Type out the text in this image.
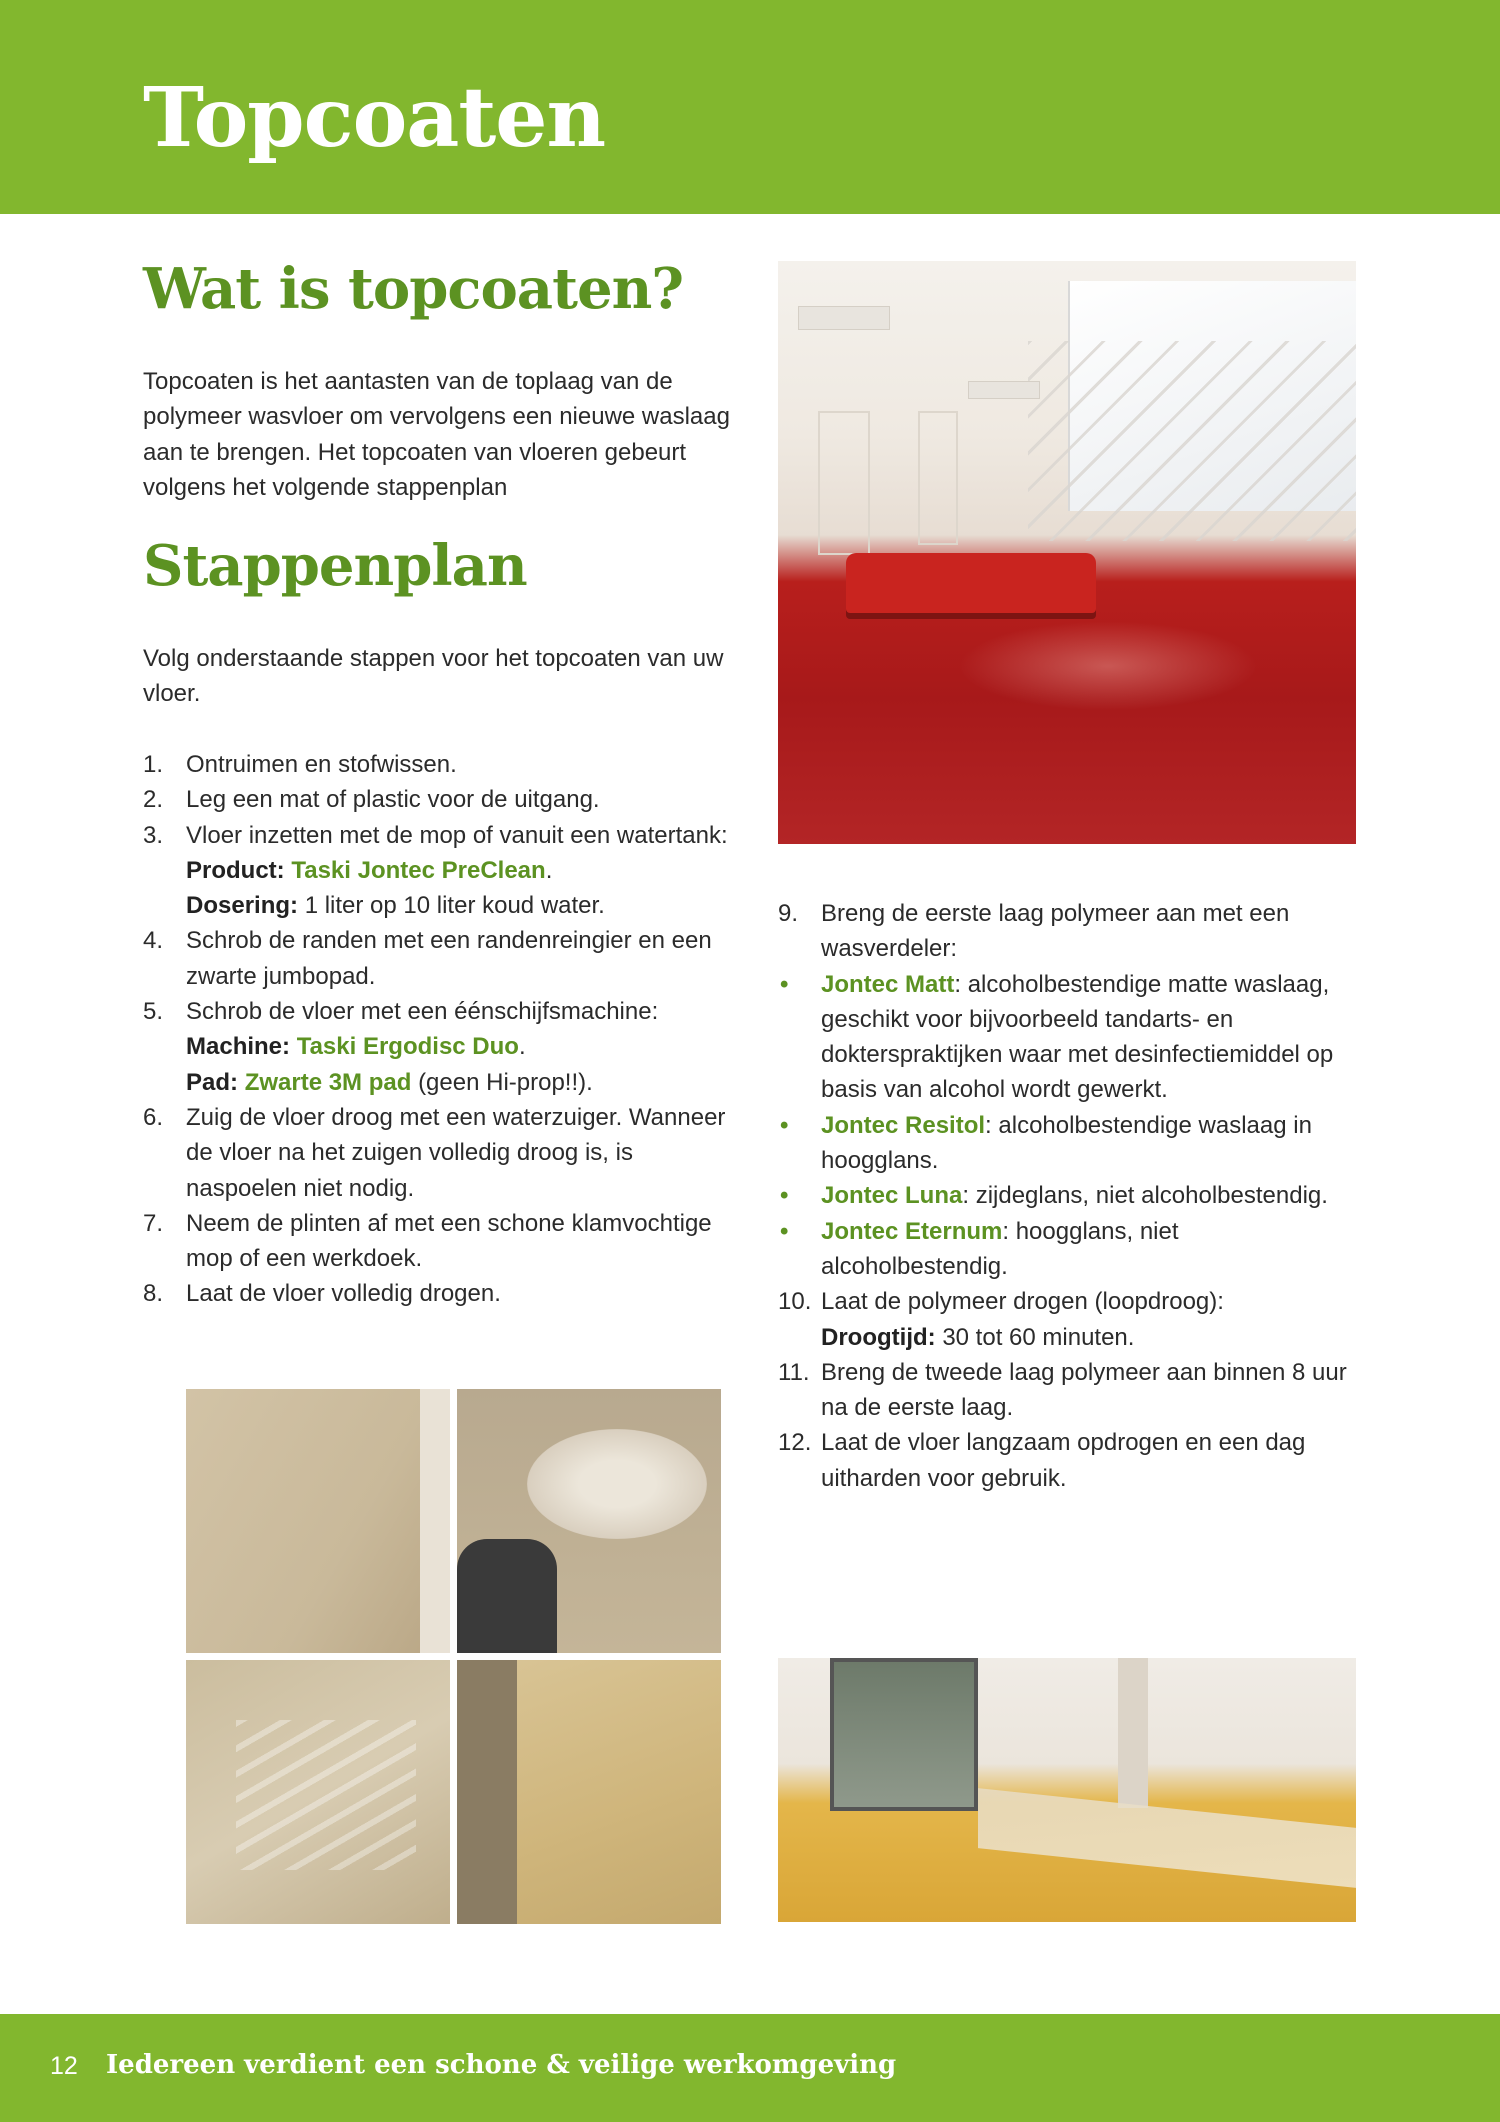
Topcoaten
Wat is topcoaten?

Topcoaten is het aantasten van de toplaag van de polymeer wasvloer om vervolgens een nieuwe waslaag aan te brengen. Het topcoaten van vloeren gebeurt volgens het volgende stappenplan

Stappenplan

Volg onderstaande stappen voor het topcoaten van uw vloer.

1. Ontruimen en stofwissen.
2. Leg een mat of plastic voor de uitgang.
3. Vloer inzetten met de mop of vanuit een watertank:
Product: Taski Jontec PreClean.
Dosering: 1 liter op 10 liter koud water.
4. Schrob de randen met een randenreingier en een zwarte jumbopad.
5. Schrob de vloer met een éénschijfsmachine:
Machine: Taski Ergodisc Duo.
Pad: Zwarte 3M pad (geen Hi-prop!!).
6. Zuig de vloer droog met een waterzuiger. Wanneer de vloer na het zuigen volledig droog is, is naspoelen niet nodig.
7. Neem de plinten af met een schone klamvochtige mop of een werkdoek.
8. Laat de vloer volledig drogen.
9. Breng de eerste laag polymeer aan met een wasverdeler:
• Jontec Matt: alcoholbestendige matte waslaag, geschikt voor bijvoorbeeld tandarts- en dokterspraktijken waar met desinfectiemiddel op basis van alcohol wordt gewerkt.
• Jontec Resitol: alcoholbestendige waslaag in hoogglans.
• Jontec Luna: zijdeglans, niet alcoholbestendig.
• Jontec Eternum: hoogglans, niet alcoholbestendig.
10. Laat de polymeer drogen (loopdroog):
Droogtijd: 30 tot 60 minuten.
11. Breng de tweede laag polymeer aan binnen 8 uur na de eerste laag.
12. Laat de vloer langzaam opdrogen en een dag uitharden voor gebruik.
12 Iedereen verdient een schone & veilige werkomgeving
